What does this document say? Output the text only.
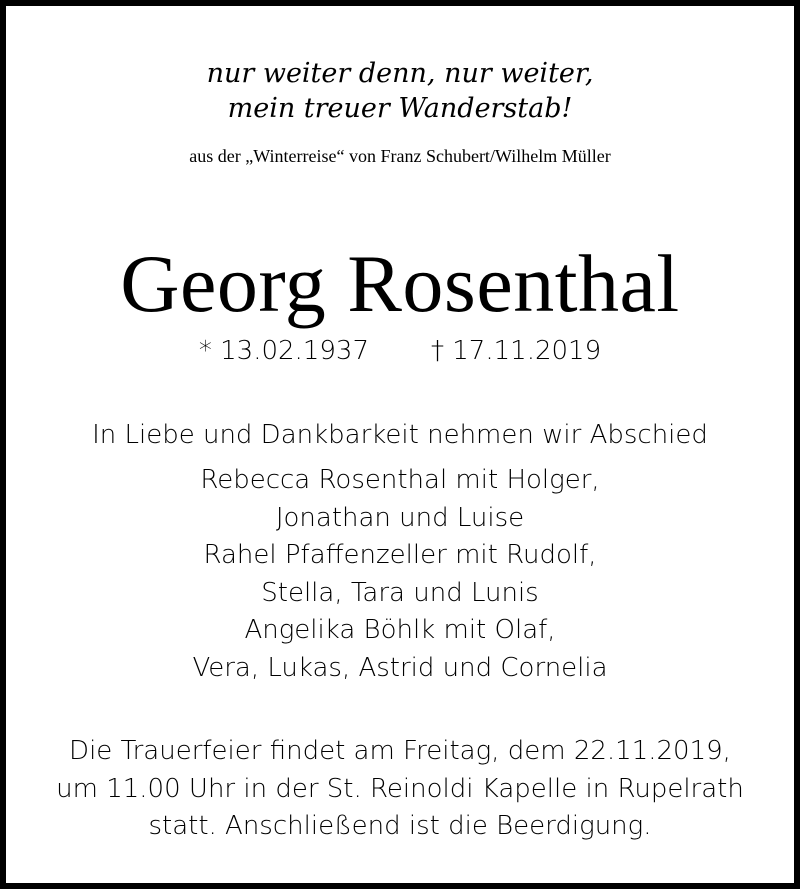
nur weiter denn, nur weiter,
mein treuer Wanderstab!
aus der „Winterreise“ von Franz Schubert/Wilhelm Müller
Georg Rosenthal
* 13.02.1937 † 17.11.2019
In Liebe und Dankbarkeit nehmen wir Abschied
Rebecca Rosenthal mit Holger,
Jonathan und Luise
Rahel Pfaffenzeller mit Rudolf,
Stella, Tara und Lunis
Angelika Böhlk mit Olaf,
Vera, Lukas, Astrid und Cornelia
Die Trauerfeier findet am Freitag, dem 22.11.2019,
um 11.00 Uhr in der St. Reinoldi Kapelle in Rupelrath
statt. Anschließend ist die Beerdigung.
